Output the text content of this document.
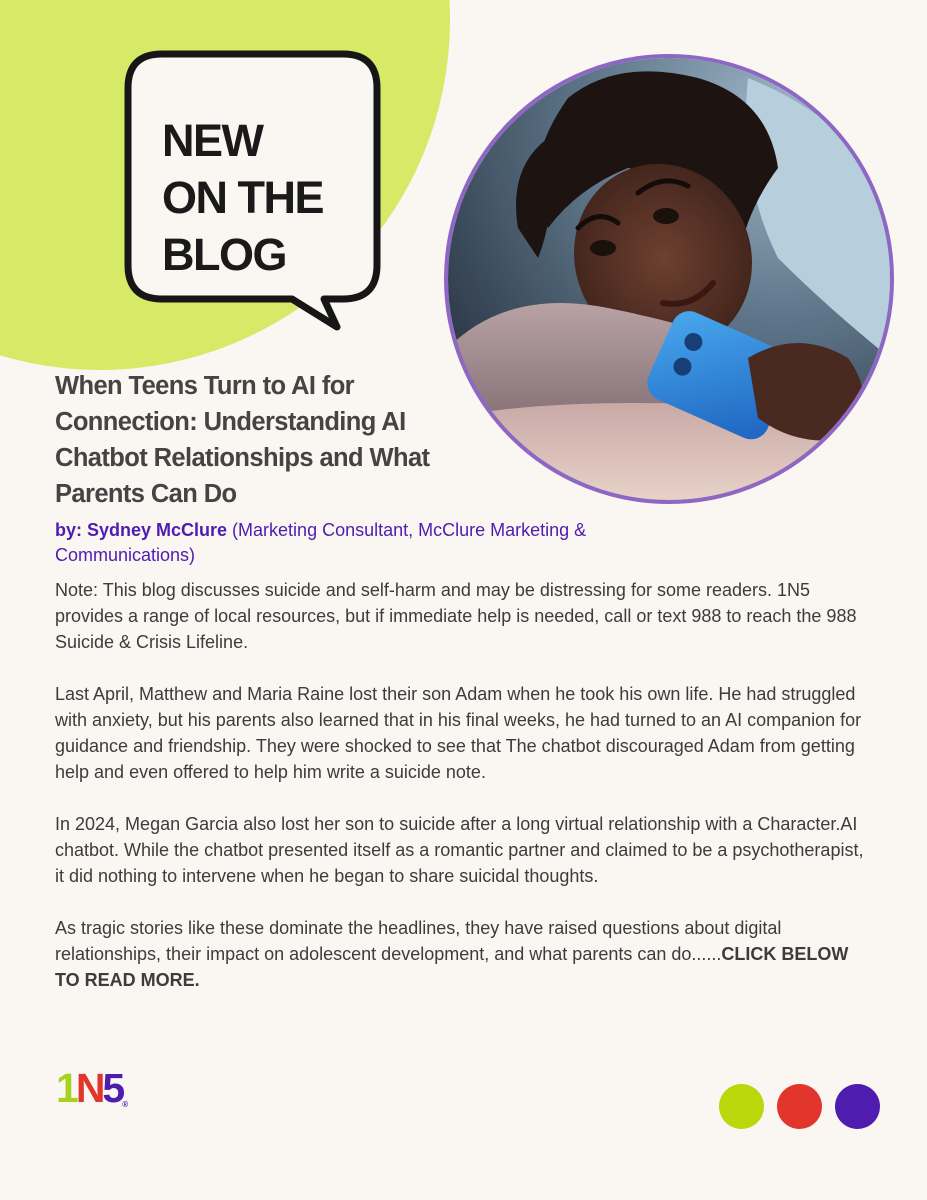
NEW
ON THE
BLOG
When Teens Turn to AI for Connection: Understanding AI Chatbot Relationships and What Parents Can Do
by: Sydney McClure (Marketing Consultant, McClure Marketing & Communications)

Note: This blog discusses suicide and self-harm and may be distressing for some readers. 1N5 provides a range of local resources, but if immediate help is needed, call or text 988 to reach the 988 Suicide & Crisis Lifeline.

Last April, Matthew and Maria Raine lost their son Adam when he took his own life. He had struggled with anxiety, but his parents also learned that in his final weeks, he had turned to an AI companion for guidance and friendship. They were shocked to see that The chatbot discouraged Adam from getting help and even offered to help him write a suicide note.

In 2024, Megan Garcia also lost her son to suicide after a long virtual relationship with a Character.AI chatbot. While the chatbot presented itself as a romantic partner and claimed to be a psychotherapist, it did nothing to intervene when he began to share suicidal thoughts.

As tragic stories like these dominate the headlines, they have raised questions about digital relationships, their impact on adolescent development, and what parents can do......CLICK BELOW TO READ MORE.

1N5®
